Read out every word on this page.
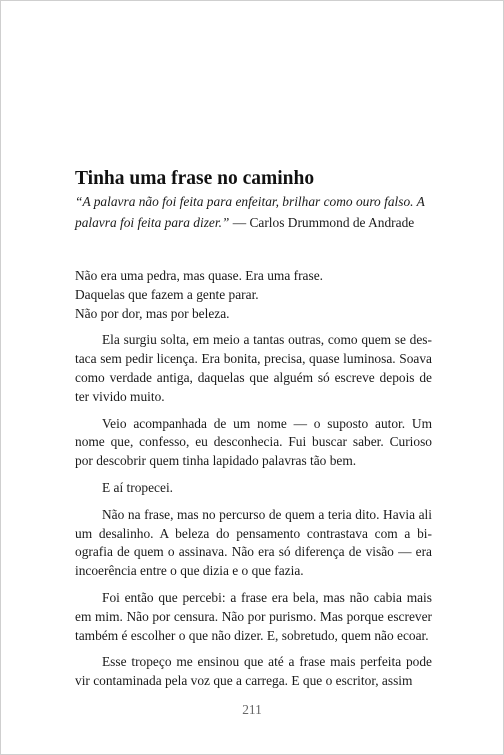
Tinha uma frase no caminho

“A palavra não foi feita para enfeitar, brilhar como ouro falso. A palavra foi feita para dizer.” — Carlos Drummond de Andrade

Não era uma pedra, mas quase. Era uma frase.

Daquelas que fazem a gente parar.

Não por dor, mas por beleza.

Ela surgiu solta, em meio a tantas outras, como quem se destaca sem pedir licença. Era bonita, precisa, quase luminosa. Soava como verdade antiga, daquelas que alguém só escreve depois de ter vivido muito.

Veio acompanhada de um nome — o suposto autor. Um nome que, confesso, eu desconhecia. Fui buscar saber. Curioso por descobrir quem tinha lapidado palavras tão bem.

E aí tropecei.

Não na frase, mas no percurso de quem a teria dito. Havia ali um desalinho. A beleza do pensamento contrastava com a biografia de quem o assinava. Não era só diferença de visão — era incoerência entre o que dizia e o que fazia.

Foi então que percebi: a frase era bela, mas não cabia mais em mim. Não por censura. Não por purismo. Mas porque escrever também é escolher o que não dizer. E, sobretudo, quem não ecoar.

Esse tropeço me ensinou que até a frase mais perfeita pode vir contaminada pela voz que a carrega. E que o escritor, assim

211
